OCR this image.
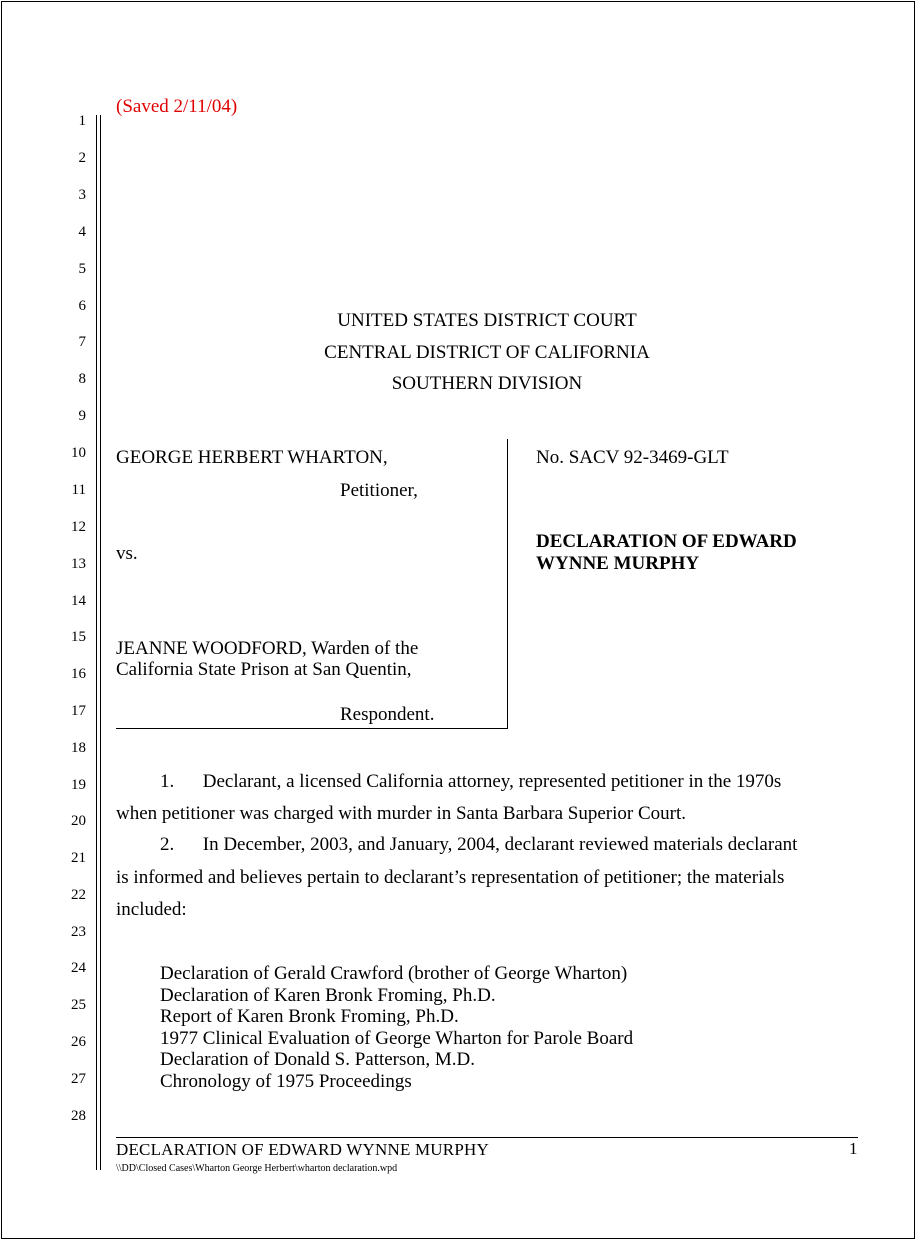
(Saved 2/11/04)
1
2
3
4
5
6
7
8
9
10
11
12
13
14
15
16
17
18
19
20
21
22
23
24
25
26
27
28
UNITED STATES DISTRICT COURT
CENTRAL DISTRICT OF CALIFORNIA
SOUTHERN DIVISION
GEORGE HERBERT WHARTON,
Petitioner,
vs.
JEANNE WOODFORD, Warden of the
California State Prison at San Quentin,
Respondent.
No. SACV 92-3469-GLT
DECLARATION OF EDWARD
WYNNE MURPHY
1.      Declarant, a licensed California attorney, represented petitioner in the 1970s
when petitioner was charged with murder in Santa Barbara Superior Court.
2.      In December, 2003, and January, 2004, declarant reviewed materials declarant
is informed and believes pertain to declarant’s representation of petitioner; the materials
included:
Declaration of Gerald Crawford (brother of George Wharton)
Declaration of Karen Bronk Froming, Ph.D.
Report of Karen Bronk Froming, Ph.D.
1977 Clinical Evaluation of George Wharton for Parole Board
Declaration of Donald S. Patterson, M.D.
Chronology of 1975 Proceedings
DECLARATION OF EDWARD WYNNE MURPHY	1
\\DD\Closed Cases\Wharton George Herbert\wharton declaration.wpd
